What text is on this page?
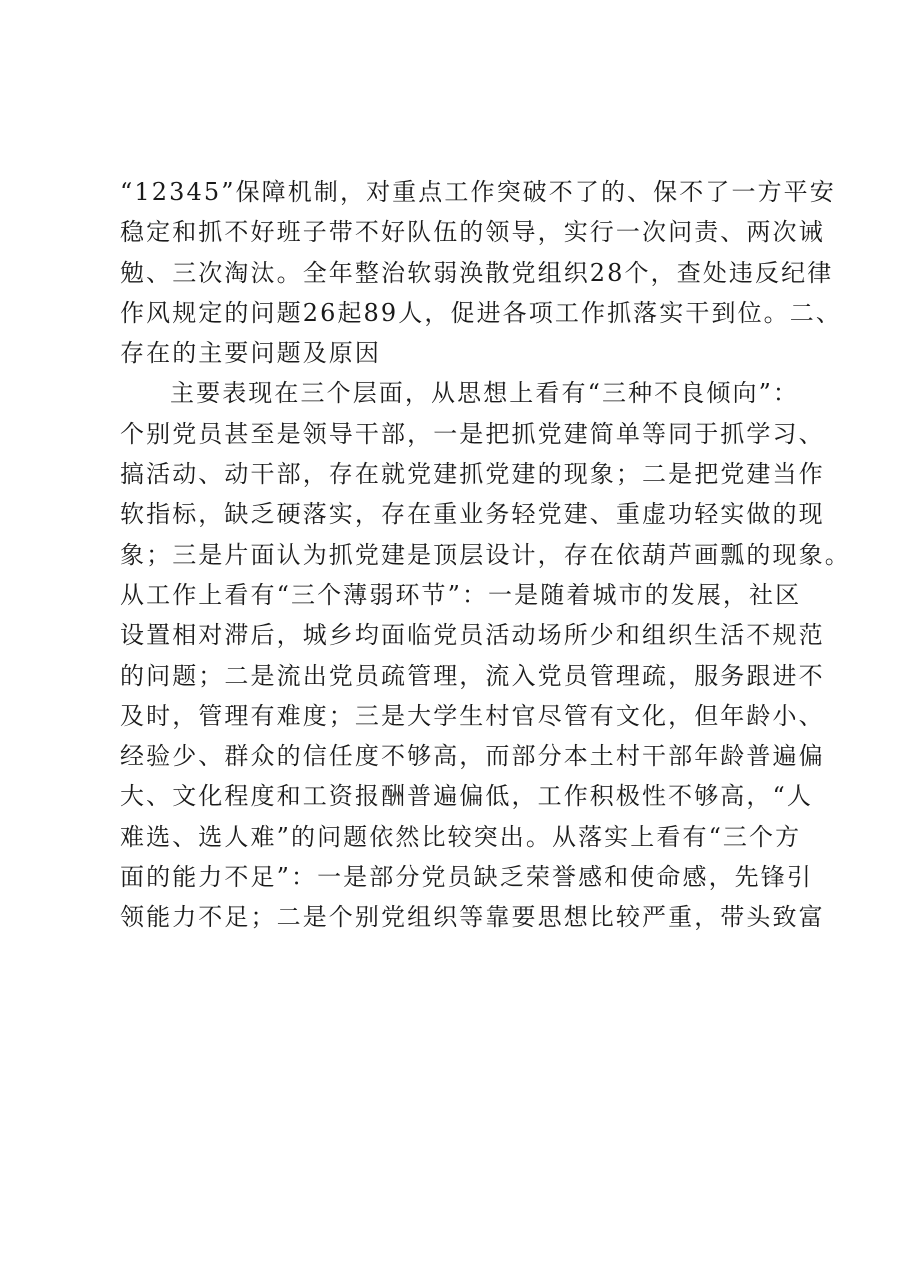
“12345”保障机制，对重点工作突破不了的、保不了一方平安
稳定和抓不好班子带不好队伍的领导，实行一次问责、两次诫
勉、三次淘汰。全年整治软弱涣散党组织28个，查处违反纪律
作风规定的问题26起89人，促进各项工作抓落实干到位。二、
存在的主要问题及原因
主要表现在三个层面，从思想上看有“三种不良倾向”：
个别党员甚至是领导干部，一是把抓党建简单等同于抓学习、
搞活动、动干部，存在就党建抓党建的现象；二是把党建当作
软指标，缺乏硬落实，存在重业务轻党建、重虚功轻实做的现
象；三是片面认为抓党建是顶层设计，存在依葫芦画瓢的现象。
从工作上看有“三个薄弱环节”：一是随着城市的发展，社区
设置相对滞后，城乡均面临党员活动场所少和组织生活不规范
的问题；二是流出党员疏管理，流入党员管理疏，服务跟进不
及时，管理有难度；三是大学生村官尽管有文化，但年龄小、
经验少、群众的信任度不够高，而部分本土村干部年龄普遍偏
大、文化程度和工资报酬普遍偏低，工作积极性不够高，“人
难选、选人难”的问题依然比较突出。从落实上看有“三个方
面的能力不足”：一是部分党员缺乏荣誉感和使命感，先锋引
领能力不足；二是个别党组织等靠要思想比较严重，带头致富
